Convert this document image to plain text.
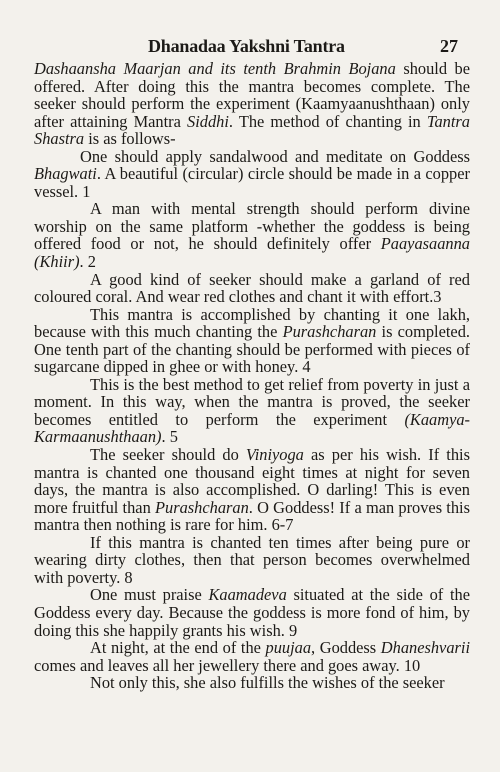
Dhanadaa Yakshni Tantra	27

Dashaansha Maarjan and its tenth Brahmin Bojana should be offered. After doing this the mantra becomes complete. The seeker should perform the experiment (Kaamyaanushthaan) only after attaining Mantra Siddhi. The method of chanting in Tantra Shastra is as follows-

One should apply sandalwood and meditate on Goddess Bhagwati. A beautiful (circular) circle should be made in a copper vessel. 1

A man with mental strength should perform divine worship on the same platform -whether the goddess is being offered food or not, he should definitely offer Paayasaanna (Khiir). 2

A good kind of seeker should make a garland of red coloured coral. And wear red clothes and chant it with effort.3

This mantra is accomplished by chanting it one lakh, because with this much chanting the Purashcharan is completed. One tenth part of the chanting should be performed with pieces of sugarcane dipped in ghee or with honey. 4

This is the best method to get relief from poverty in just a moment. In this way, when the mantra is proved, the seeker becomes entitled to perform the experiment (Kaamya-Karmaanushthaan). 5

The seeker should do Viniyoga as per his wish. If this mantra is chanted one thousand eight times at night for seven days, the mantra is also accomplished. O darling! This is even more fruitful than Purashcharan. O Goddess! If a man proves this mantra then nothing is rare for him. 6-7

If this mantra is chanted ten times after being pure or wearing dirty clothes, then that person becomes overwhelmed with poverty. 8

One must praise Kaamadeva situated at the side of the Goddess every day. Because the goddess is more fond of him, by doing this she happily grants his wish. 9

At night, at the end of the puujaa, Goddess Dhaneshvarii comes and leaves all her jewellery there and goes away. 10

Not only this, she also fulfills the wishes of the seeker
